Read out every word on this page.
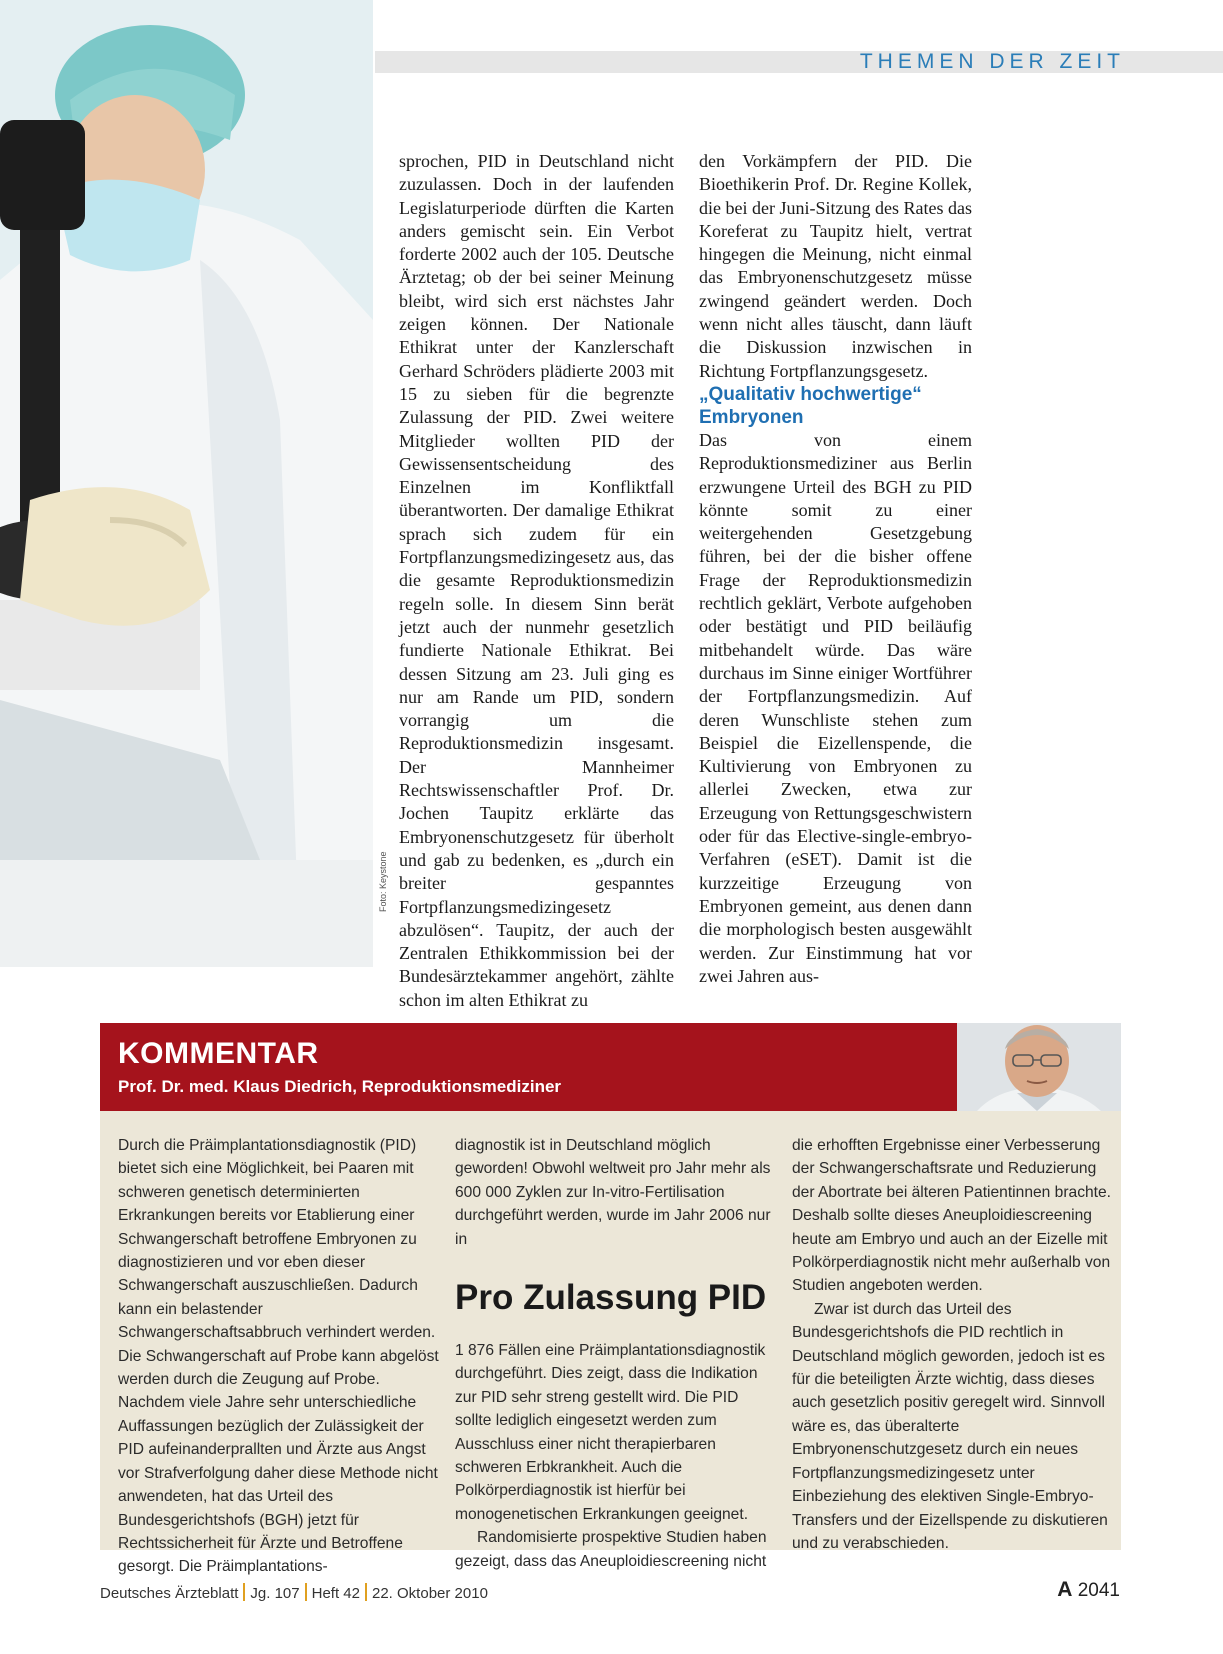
THEMEN DER ZEIT
Foto: Keystone

sprochen, PID in Deutschland nicht zuzulassen. Doch in der laufenden Legislaturperiode dürften die Karten anders gemischt sein. Ein Verbot forderte 2002 auch der 105. Deutsche Ärztetag; ob der bei seiner Meinung bleibt, wird sich erst nächstes Jahr zeigen können. Der Nationale Ethikrat unter der Kanzlerschaft Gerhard Schröders plädierte 2003 mit 15 zu sieben für die begrenzte Zulassung der PID. Zwei weitere Mitglieder wollten PID der Gewissensentscheidung des Einzelnen im Konfliktfall überantworten. Der damalige Ethikrat sprach sich zudem für ein Fortpflanzungsmedizingesetz aus, das die gesamte Reproduktionsmedizin regeln solle. In diesem Sinn berät jetzt auch der nunmehr gesetzlich fundierte Nationale Ethikrat. Bei dessen Sitzung am 23. Juli ging es nur am Rande um PID, sondern vorrangig um die Reproduktionsmedizin insgesamt. Der Mannheimer Rechtswissenschaftler Prof. Dr. Jochen Taupitz erklärte das Embryonenschutzgesetz für überholt und gab zu bedenken, es „durch ein breiter gespanntes Fortpflanzungsmedizingesetz abzulösen“. Taupitz, der auch der Zentralen Ethikkommission bei der Bundesärztekammer angehört, zählte schon im alten Ethikrat zu

den Vorkämpfern der PID. Die Bioethikerin Prof. Dr. Regine Kollek, die bei der Juni-Sitzung des Rates das Koreferat zu Taupitz hielt, vertrat hingegen die Meinung, nicht einmal das Embryonenschutzgesetz müsse zwingend geändert werden. Doch wenn nicht alles täuscht, dann läuft die Diskussion inzwischen in Richtung Fortpflanzungsgesetz.

„Qualitativ hochwertige“ Embryonen

Das von einem Reproduktionsmediziner aus Berlin erzwungene Urteil des BGH zu PID könnte somit zu einer weitergehenden Gesetzgebung führen, bei der die bisher offene Frage der Reproduktionsmedizin rechtlich geklärt, Verbote aufgehoben oder bestätigt und PID beiläufig mitbehandelt würde. Das wäre durchaus im Sinne einiger Wortführer der Fortpflanzungsmedizin. Auf deren Wunschliste stehen zum Beispiel die Eizellenspende, die Kultivierung von Embryonen zu allerlei Zwecken, etwa zur Erzeugung von Rettungsgeschwistern oder für das Elective-single-embryo-Verfahren (eSET). Damit ist die kurzzeitige Erzeugung von Embryonen gemeint, aus denen dann die morphologisch besten ausgewählt werden. Zur Einstimmung hat vor zwei Jahren aus-

KOMMENTAR
Prof. Dr. med. Klaus Diedrich, Reproduktionsmediziner

Durch die Präimplantationsdiagnostik (PID) bietet sich eine Möglichkeit, bei Paaren mit schweren genetisch determinierten Erkrankungen bereits vor Etablierung einer Schwangerschaft betroffene Embryonen zu diagnostizieren und vor eben dieser Schwangerschaft auszuschließen. Dadurch kann ein belastender Schwangerschaftsabbruch verhindert werden. Die Schwangerschaft auf Probe kann abgelöst werden durch die Zeugung auf Probe. Nachdem viele Jahre sehr unterschiedliche Auffassungen bezüglich der Zulässigkeit der PID aufeinanderprallten und Ärzte aus Angst vor Strafverfolgung daher diese Methode nicht anwendeten, hat das Urteil des Bundesgerichtshofs (BGH) jetzt für Rechtssicherheit für Ärzte und Betroffene gesorgt. Die Präimplantations-

diagnostik ist in Deutschland möglich geworden! Obwohl weltweit pro Jahr mehr als 600 000 Zyklen zur In-vitro-Fertilisation durchgeführt werden, wurde im Jahr 2006 nur in

Pro Zulassung PID

1 876 Fällen eine Präimplantationsdiagnostik durchgeführt. Dies zeigt, dass die Indikation zur PID sehr streng gestellt wird. Die PID sollte lediglich eingesetzt werden zum Ausschluss einer nicht therapierbaren schweren Erbkrankheit. Auch die Polkörperdiagnostik ist hierfür bei monogenetischen Erkrankungen geeignet.

Randomisierte prospektive Studien haben gezeigt, dass das Aneuploidiescreening nicht

die erhofften Ergebnisse einer Verbesserung der Schwangerschaftsrate und Reduzierung der Abortrate bei älteren Patientinnen brachte. Deshalb sollte dieses Aneuploidiescreening heute am Embryo und auch an der Eizelle mit Polkörperdiagnostik nicht mehr außerhalb von Studien angeboten werden.

Zwar ist durch das Urteil des Bundesgerichtshofs die PID rechtlich in Deutschland möglich geworden, jedoch ist es für die beteiligten Ärzte wichtig, dass dieses auch gesetzlich positiv geregelt wird. Sinnvoll wäre es, das überalterte Embryonenschutzgesetz durch ein neues Fortpflanzungsmedizingesetz unter Einbeziehung des elektiven Single-Embryo-Transfers und der Eizellspende zu diskutieren und zu verabschieden.

Deutsches Ärzteblatt Jg. 107 Heft 42 22. Oktober 2010	A 2041
